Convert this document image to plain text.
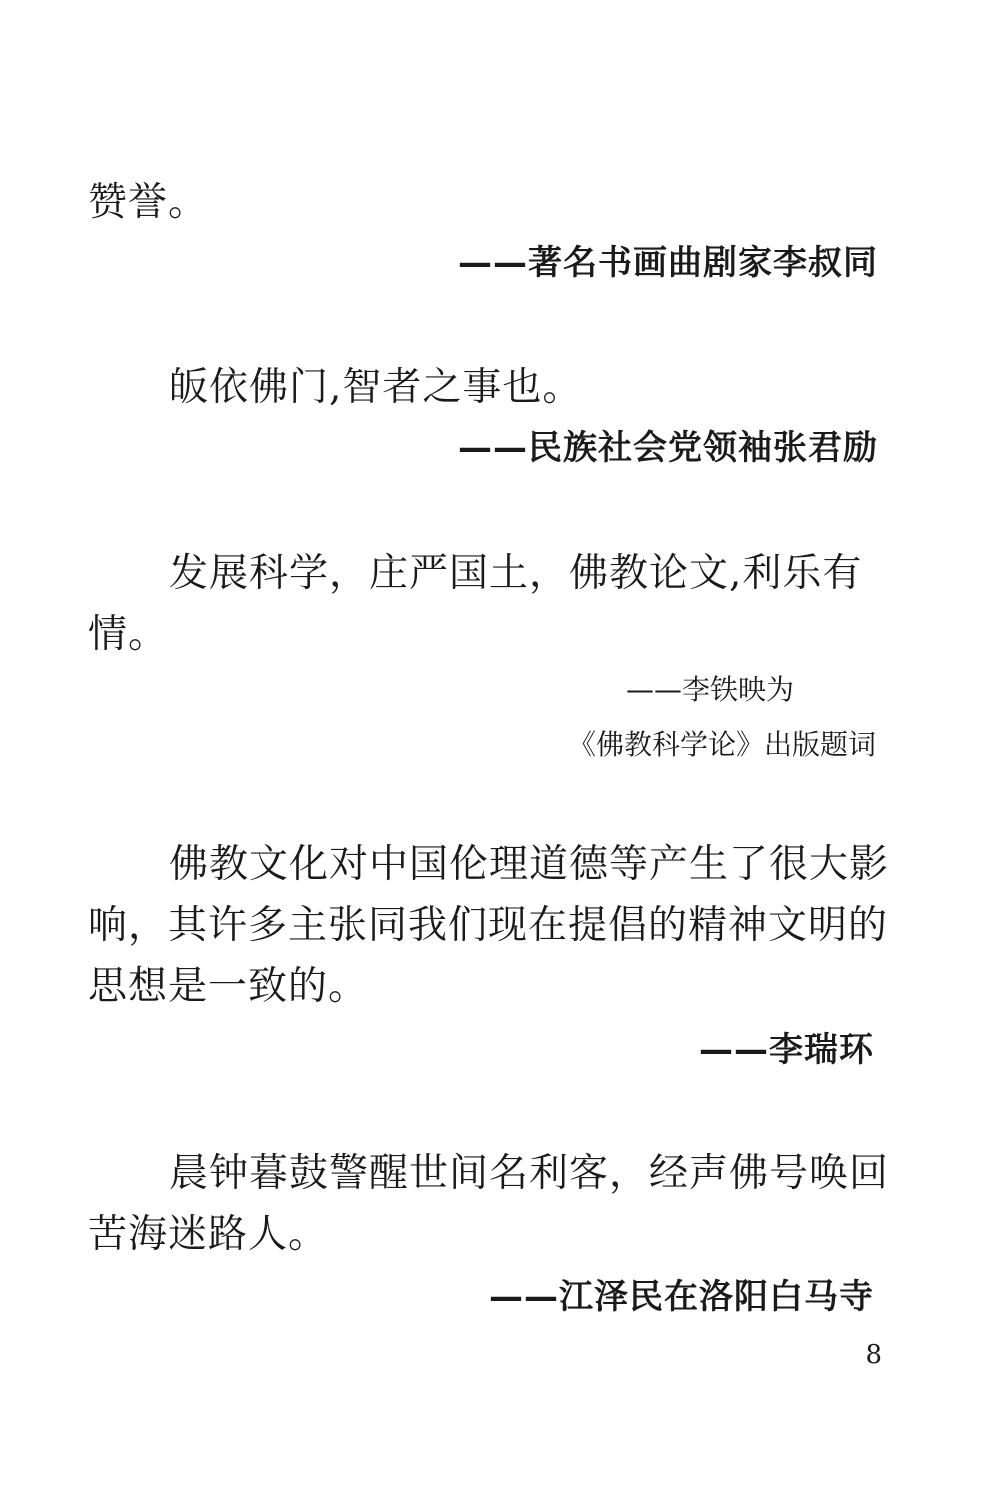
赞誉。

——著名书画曲剧家李叔同

皈依佛门,智者之事也。

——民族社会党领袖张君励

发展科学，庄严国土，佛教论文,利乐有
情。

——李铁映为

《佛教科学论》出版题词

佛教文化对中国伦理道德等产生了很大影
响，其许多主张同我们现在提倡的精神文明的
思想是一致的。

——李瑞环

晨钟暮鼓警醒世间名利客，经声佛号唤回
苦海迷路人。

——江泽民在洛阳白马寺

8
